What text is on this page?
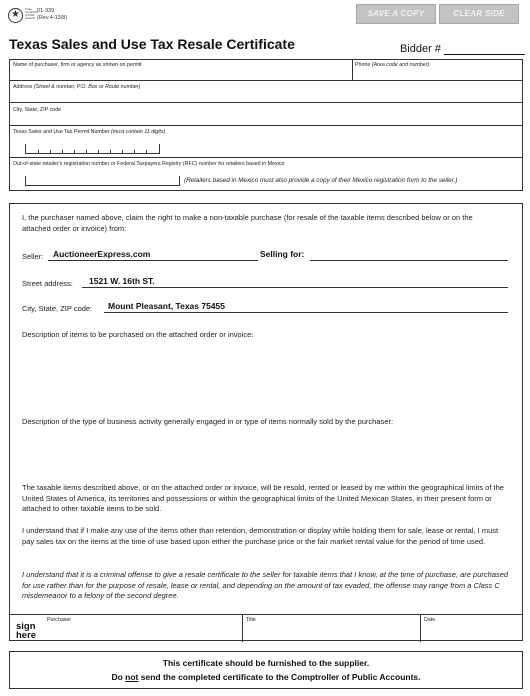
★
Texas Comptroller of Public Accounts
01-339
(Rev.4-13/8)	SAVE A COPY	CLEAR SIDE
Texas Sales and Use Tax Resale Certificate	Bidder #
Name of purchaser, firm or agency as shown on permit	Phone (Area code and number)
Address (Street & number, P.O. Box or Route number)
City, State, ZIP code
Texas Sales and Use Tax Permit Number (must contain 11 digits)
Out-of-state retailer's registration number or Federal Taxpayers Registry (RFC) number for retailers based in Mexico
(Retailers based in Mexico must also provide a copy of their Mexico registration form to the seller.)
I, the purchaser named above, claim the right to make a non-taxable purchase (for resale of the taxable items described below or on the attached order or invoice) from:
Seller: AuctioneerExpress.com	Selling for:
Street address: 1521 W. 16th ST.
City, State, ZIP code: Mount Pleasant, Texas 75455
Description of items to be purchased on the attached order or invoice:
Description of the type of business activity generally engaged in or type of items normally sold by the purchaser:
The taxable items described above, or on the attached order or invoice, will be resold, rented or leased by me within the geographical limits of the United States of America, its territories and possessions or within the geographical limits of the United Mexican States, in their present form or attached to other taxable items to be sold.
I understand that if I make any use of the items other than retention, demonstration or display while holding them for sale, lease or rental, I must pay sales tax on the items at the time of use based upon either the purchase price or the fair market rental value for the period of time used.
I understand that it is a criminal offense to give a resale certificate to the seller for taxable items that I know, at the time of purchase, are purchased for use rather than for the purpose of resale, lease or rental, and depending on the amount of tax evaded, the offense may range from a Class C misdemeanor to a felony of the second degree.
sign
here
Purchaser	Title	Date
This certificate should be furnished to the supplier.
Do not send the completed certificate to the Comptroller of Public Accounts.
